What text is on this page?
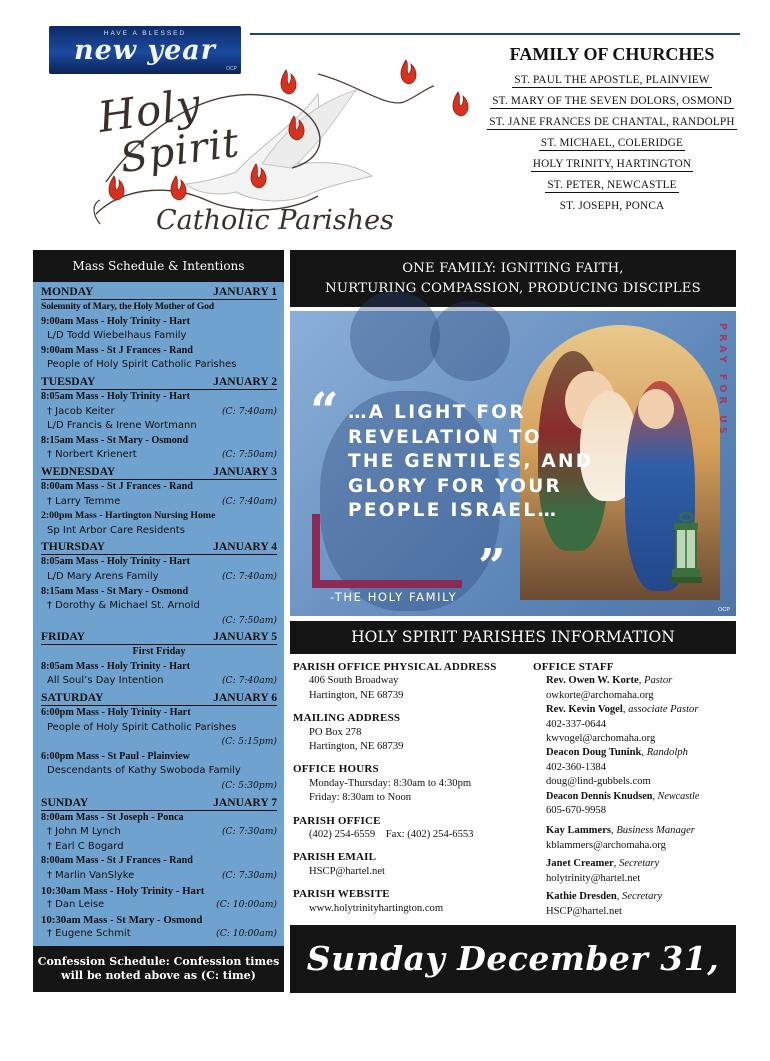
HAVE A BLESSED
new year
OCP
Holy
Spirit
Catholic Parishes
FAMILY OF CHURCHES
ST. PAUL THE APOSTLE, PLAINVIEW
ST. MARY OF THE SEVEN DOLORS, OSMOND
ST. JANE FRANCES DE CHANTAL, RANDOLPH
ST. MICHAEL, COLERIDGE
HOLY TRINITY, HARTINGTON
ST. PETER, NEWCASTLE
ST. JOSEPH, PONCA
Mass Schedule & Intentions
MONDAY	JANUARY 1
Solemnity of Mary, the Holy Mother of God
9:00am Mass - Holy Trinity - Hart
L/D Todd Wiebelhaus Family
9:00am Mass - St J Frances - Rand
People of Holy Spirit Catholic Parishes
TUESDAY	JANUARY 2
8:05am Mass - Holy Trinity - Hart
† Jacob Keiter	(C: 7:40am)
L/D Francis & Irene Wortmann
8:15am Mass - St Mary - Osmond
† Norbert Krienert	(C: 7:50am)
WEDNESDAY	JANUARY 3
8:00am Mass - St J Frances - Rand
† Larry Temme	(C: 7:40am)
2:00pm Mass - Hartington Nursing Home
Sp Int Arbor Care Residents
THURSDAY	JANUARY 4
8:05am Mass - Holy Trinity - Hart
L/D Mary Arens Family	(C: 7:40am)
8:15am Mass - St Mary - Osmond
† Dorothy & Michael St. Arnold
(C: 7:50am)
FRIDAY	JANUARY 5
First Friday
8:05am Mass - Holy Trinity - Hart
All Soul’s Day Intention	(C: 7:40am)
SATURDAY	JANUARY 6
6:00pm Mass - Holy Trinity - Hart
People of Holy Spirit Catholic Parishes
(C: 5:15pm)
6:00pm Mass - St Paul - Plainview
Descendants of Kathy Swoboda Family
(C: 5:30pm)
SUNDAY	JANUARY 7
8:00am Mass - St Joseph - Ponca
† John M Lynch	(C: 7:30am)
† Earl C Bogard
8:00am Mass - St J Frances - Rand
† Marlin VanSlyke	(C: 7:30am)
10:30am Mass - Holy Trinity - Hart
† Dan Leise	(C: 10:00am)
10:30am Mass - St Mary - Osmond
† Eugene Schmit	(C: 10:00am)
Confession Schedule: Confession times
will be noted above as (C: time)
ONE FAMILY: IGNITING FAITH,
NURTURING COMPASSION, PRODUCING DISCIPLES
“ …A LIGHT FOR
REVELATION TO
THE GENTILES, AND
GLORY FOR YOUR
PEOPLE ISRAEL…
”
-THE HOLY FAMILY
PRAY FOR US
OCP
HOLY SPIRIT PARISHES INFORMATION
PARISH OFFICE PHYSICAL ADDRESS
406 South Broadway
Hartington, NE 68739
MAILING ADDRESS
PO Box 278
Hartington, NE 68739
OFFICE HOURS
Monday-Thursday: 8:30am to 4:30pm
Friday: 8:30am to Noon
PARISH OFFICE
(402) 254-6559    Fax: (402) 254-6553
PARISH EMAIL
HSCP@hartel.net
PARISH WEBSITE
www.holytrinityhartington.com
OFFICE STAFF
Rev. Owen W. Korte, Pastor
owkorte@archomaha.org
Rev. Kevin Vogel, associate Pastor
402-337-0644
kwvogel@archomaha.org
Deacon Doug Tunink, Randolph
402-360-1384
doug@lind-gubbels.com
Deacon Dennis Knudsen, Newcastle
605-670-9958
Kay Lammers, Business Manager
kblammers@archomaha.org
Janet Creamer, Secretary
holytrinity@hartel.net
Kathie Dresden, Secretary
HSCP@hartel.net
Sunday December 31, 2023
